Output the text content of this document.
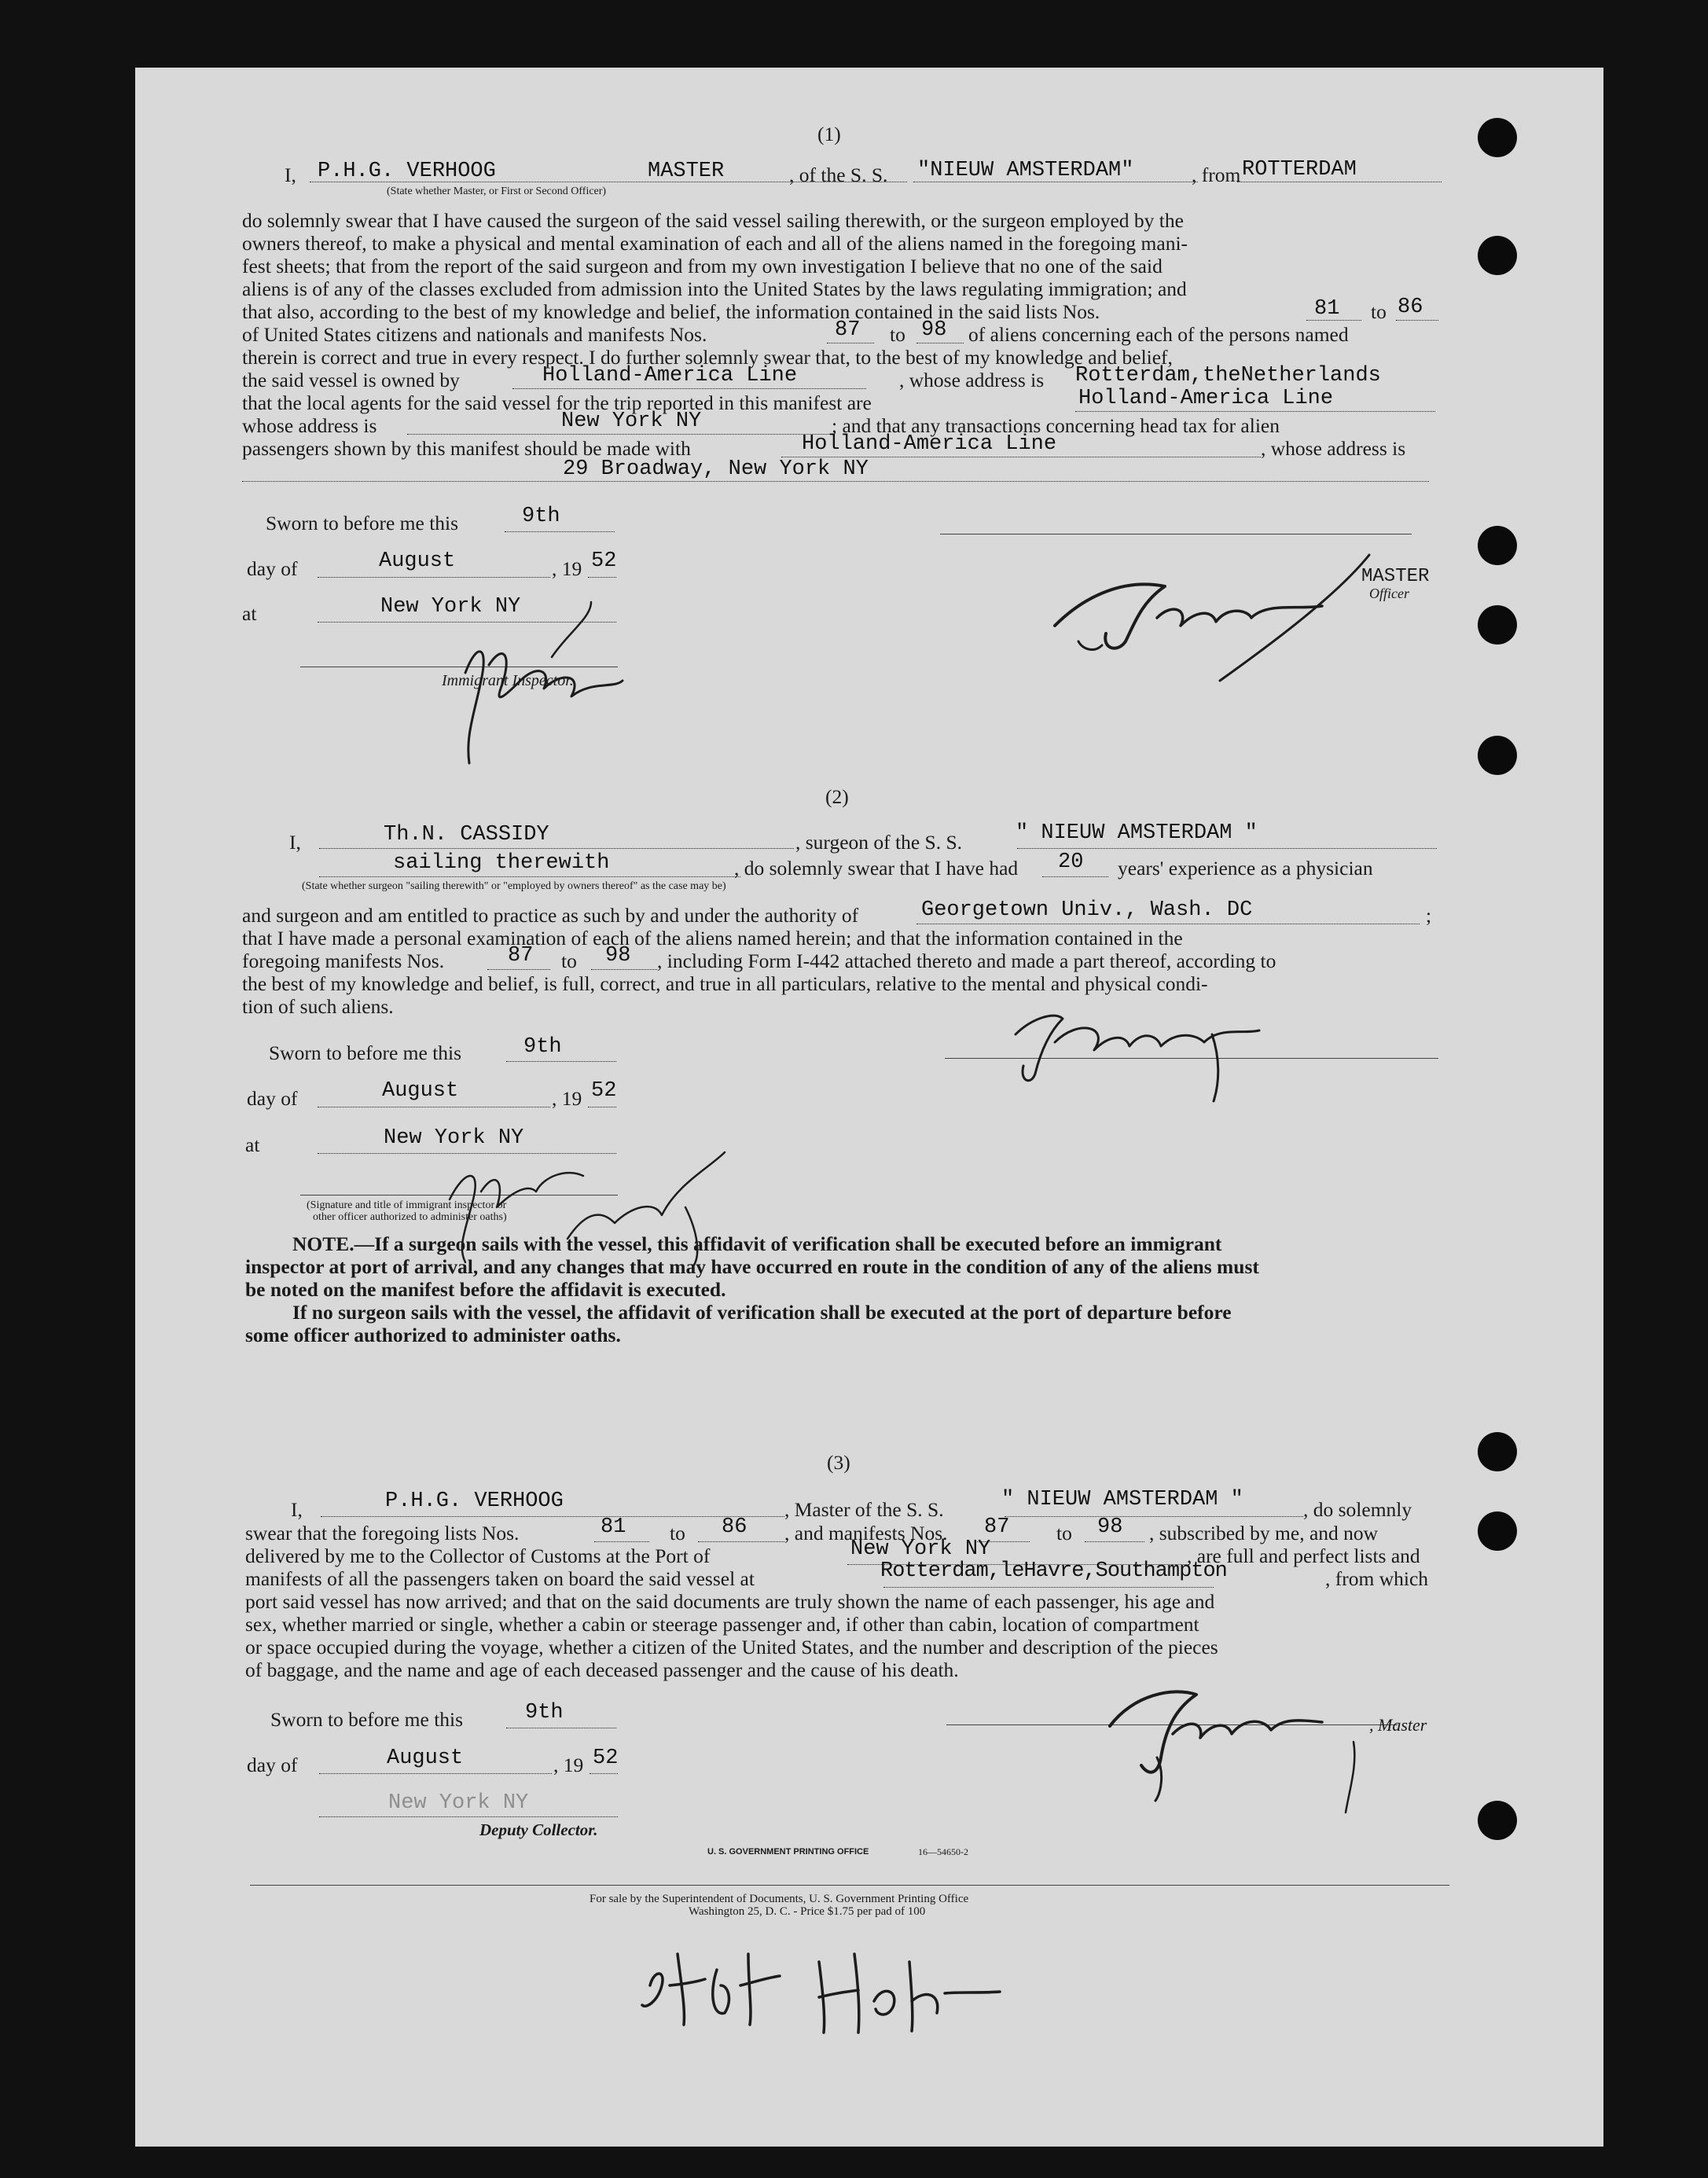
(1)
I, P.H.G. VERHOOG	MASTER
(State whether Master, or First or Second Officer)
, of the S. S. "NIEUW AMSTERDAM"	, from ROTTERDAM
do solemnly swear that I have caused the surgeon of the said vessel sailing therewith, or the surgeon employed by the
owners thereof, to make a physical and mental examination of each and all of the aliens named in the foregoing mani-
fest sheets; that from the report of the said surgeon and from my own investigation I believe that no one of the said
aliens is of any of the classes excluded from admission into the United States by the laws regulating immigration; and
that also, according to the best of my knowledge and belief, the information contained in the said lists Nos.	81 to 86
of United States citizens and nationals and manifests Nos.	87 to 98 of aliens concerning each of the persons named
therein is correct and true in every respect. I do further solemnly swear that, to the best of my knowledge and belief,
the said vessel is owned by	Holland-America Line	, whose address is Rotterdam,theNetherlands
that the local agents for the said vessel for the trip reported in this manifest are	Holland-America Line
whose address is	New York NY	; and that any transactions concerning head tax for alien
passengers shown by this manifest should be made with	Holland-America Line	, whose address is
29 Broadway, New York NY
Sworn to before me this	9th
day of	August	, 19 52
at	New York NY
Immigrant Inspector.
MASTER
Officer
(2)
I,	Th.N. CASSIDY	, surgeon of the S. S.	" NIEUW AMSTERDAM "
sailing therewith
(State whether surgeon "sailing therewith" or "employed by owners thereof" as the case may be)
, do solemnly swear that I have had 20 years' experience as a physician
and surgeon and am entitled to practice as such by and under the authority of	Georgetown Univ., Wash. DC	;
that I have made a personal examination of each of the aliens named herein; and that the information contained in the
foregoing manifests Nos.	87 to 98 , including Form I-442 attached thereto and made a part thereof, according to
the best of my knowledge and belief, is full, correct, and true in all particulars, relative to the mental and physical condi-
tion of such aliens.
Sworn to before me this	9th
day of	August	, 19 52
at	New York NY
(Signature and title of immigrant inspector or
other officer authorized to administer oaths)
NOTE.—If a surgeon sails with the vessel, this affidavit of verification shall be executed before an immigrant
inspector at port of arrival, and any changes that may have occurred en route in the condition of any of the aliens must
be noted on the manifest before the affidavit is executed.
If no surgeon sails with the vessel, the affidavit of verification shall be executed at the port of departure before
some officer authorized to administer oaths.
(3)
I,	P.H.G. VERHOOG	, Master of the S. S.	" NIEUW AMSTERDAM "	, do solemnly
swear that the foregoing lists Nos.	81 to 86 , and manifests Nos. 87 to 98 , subscribed by me, and now
delivered by me to the Collector of Customs at the Port of	New York NY	, are full and perfect lists and
manifests of all the passengers taken on board the said vessel at	Rotterdam,leHavre,Southampton	, from which
port said vessel has now arrived; and that on the said documents are truly shown the name of each passenger, his age and
sex, whether married or single, whether a cabin or steerage passenger and, if other than cabin, location of compartment
or space occupied during the voyage, whether a citizen of the United States, and the number and description of the pieces
of baggage, and the name and age of each deceased passenger and the cause of his death.
Sworn to before me this	9th
day of	August	, 19 52
New York NY
Deputy Collector.
, Master
U. S. GOVERNMENT PRINTING OFFICE	16—54650-2
For sale by the Superintendent of Documents, U. S. Government Printing Office
Washington 25, D. C. - Price $1.75 per pad of 100
